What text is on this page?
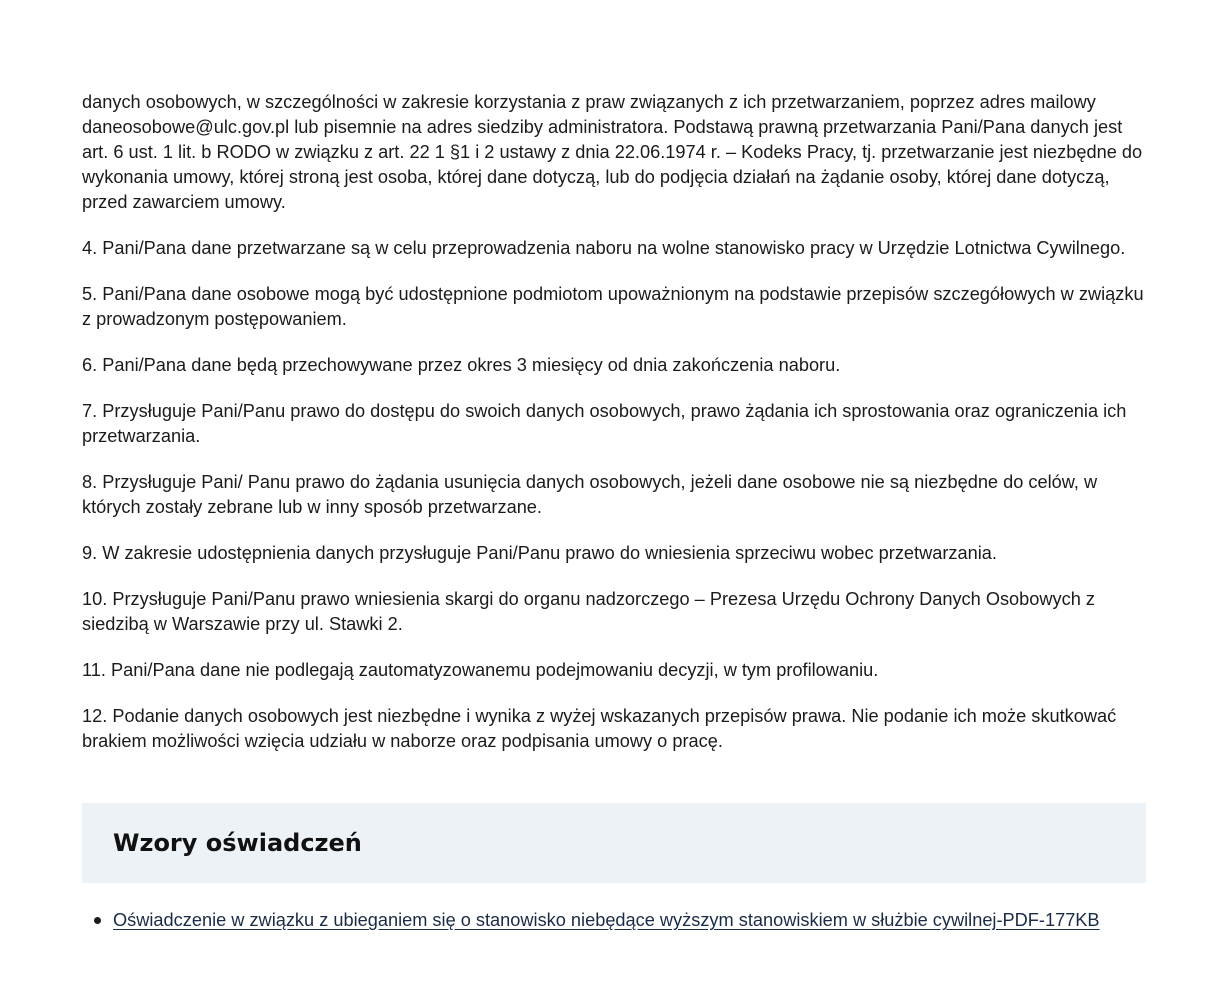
danych osobowych, w szczególności w zakresie korzystania z praw związanych z ich przetwarzaniem, poprzez adres mailowy daneosobowe@ulc.gov.pl lub pisemnie na adres siedziby administratora. Podstawą prawną przetwarzania Pani/Pana danych jest art. 6 ust. 1 lit. b RODO w związku z art. 22 1 §1 i 2 ustawy z dnia 22.06.1974 r. – Kodeks Pracy, tj. przetwarzanie jest niezbędne do wykonania umowy, której stroną jest osoba, której dane dotyczą, lub do podjęcia działań na żądanie osoby, której dane dotyczą, przed zawarciem umowy.

4. Pani/Pana dane przetwarzane są w celu przeprowadzenia naboru na wolne stanowisko pracy w Urzędzie Lotnictwa Cywilnego.

5. Pani/Pana dane osobowe mogą być udostępnione podmiotom upoważnionym na podstawie przepisów szczegółowych w związku z prowadzonym postępowaniem.

6. Pani/Pana dane będą przechowywane przez okres 3 miesięcy od dnia zakończenia naboru.

7. Przysługuje Pani/Panu prawo do dostępu do swoich danych osobowych, prawo żądania ich sprostowania oraz ograniczenia ich przetwarzania.

8. Przysługuje Pani/ Panu prawo do żądania usunięcia danych osobowych, jeżeli dane osobowe nie są niezbędne do celów, w których zostały zebrane lub w inny sposób przetwarzane.

9. W zakresie udostępnienia danych przysługuje Pani/Panu prawo do wniesienia sprzeciwu wobec przetwarzania.

10. Przysługuje Pani/Panu prawo wniesienia skargi do organu nadzorczego – Prezesa Urzędu Ochrony Danych Osobowych z siedzibą w Warszawie przy ul. Stawki 2.

11. Pani/Pana dane nie podlegają zautomatyzowanemu podejmowaniu decyzji, w tym profilowaniu.

12. Podanie danych osobowych jest niezbędne i wynika z wyżej wskazanych przepisów prawa. Nie podanie ich może skutkować brakiem możliwości wzięcia udziału w naborze oraz podpisania umowy o pracę.

Wzory oświadczeń
Oświadczenie w związku z ubieganiem się o stanowisko niebędące wyższym stanowiskiem w służbie cywilnej-PDF-177KB
